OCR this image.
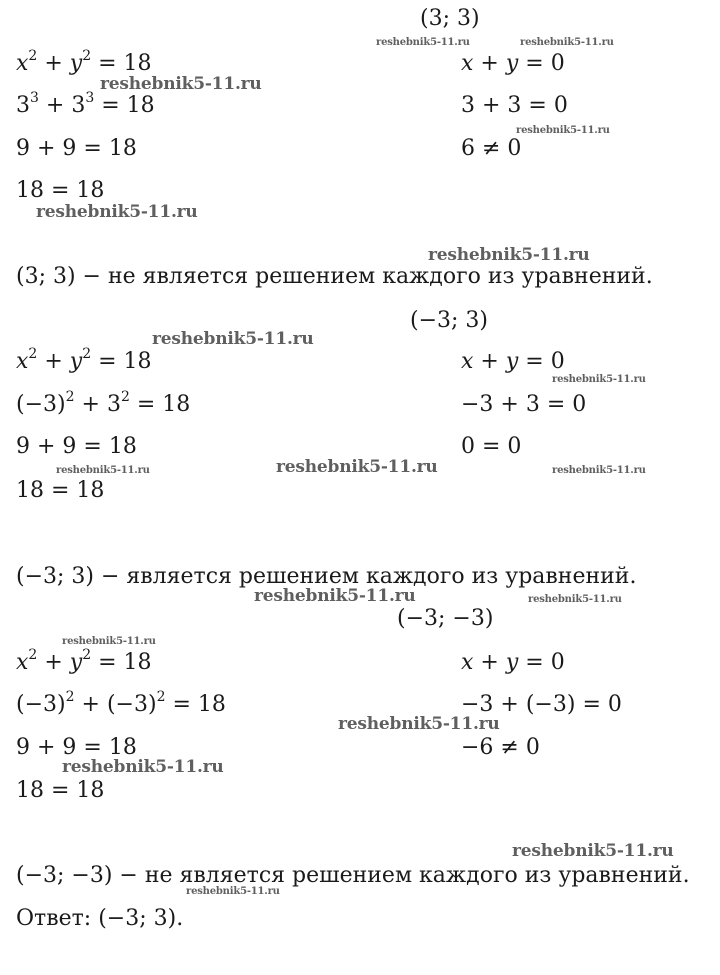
(3; 3)
$x^2 + y^2 = 18$
$3^3 + 3^3 = 18$
9 + 9 = 18
18 = 18
x + y = 0
3 + 3 = 0
6 ≠ 0
(3; 3) − не является решением каждого из уравнений.
(−3; 3)
$x^2 + y^2 = 18$
$(-3)^2 + 3^2 = 18$
9 + 9 = 18
18 = 18
x + y = 0
−3 + 3 = 0
0 = 0
(−3; 3) − является решением каждого из уравнений.
(−3; −3)
$x^2 + y^2 = 18$
$(-3)^2 + (-3)^2 = 18$
9 + 9 = 18
18 = 18
x + y = 0
−3 + (−3) = 0
−6 ≠ 0
(−3; −3) − не является решением каждого из уравнений.
Ответ: (−3; 3).
reshebnik5-11.ru	reshebnik5-11.ru
reshebnik5-11.ru
reshebnik5-11.ru
reshebnik5-11.ru
reshebnik5-11.ru
reshebnik5-11.ru
reshebnik5-11.ru
reshebnik5-11.ru
reshebnik5-11.ru	reshebnik5-11.ru
reshebnik5-11.ru	reshebnik5-11.ru
reshebnik5-11.ru
reshebnik5-11.ru
reshebnik5-11.ru
reshebnik5-11.ru
reshebnik5-11.ru
